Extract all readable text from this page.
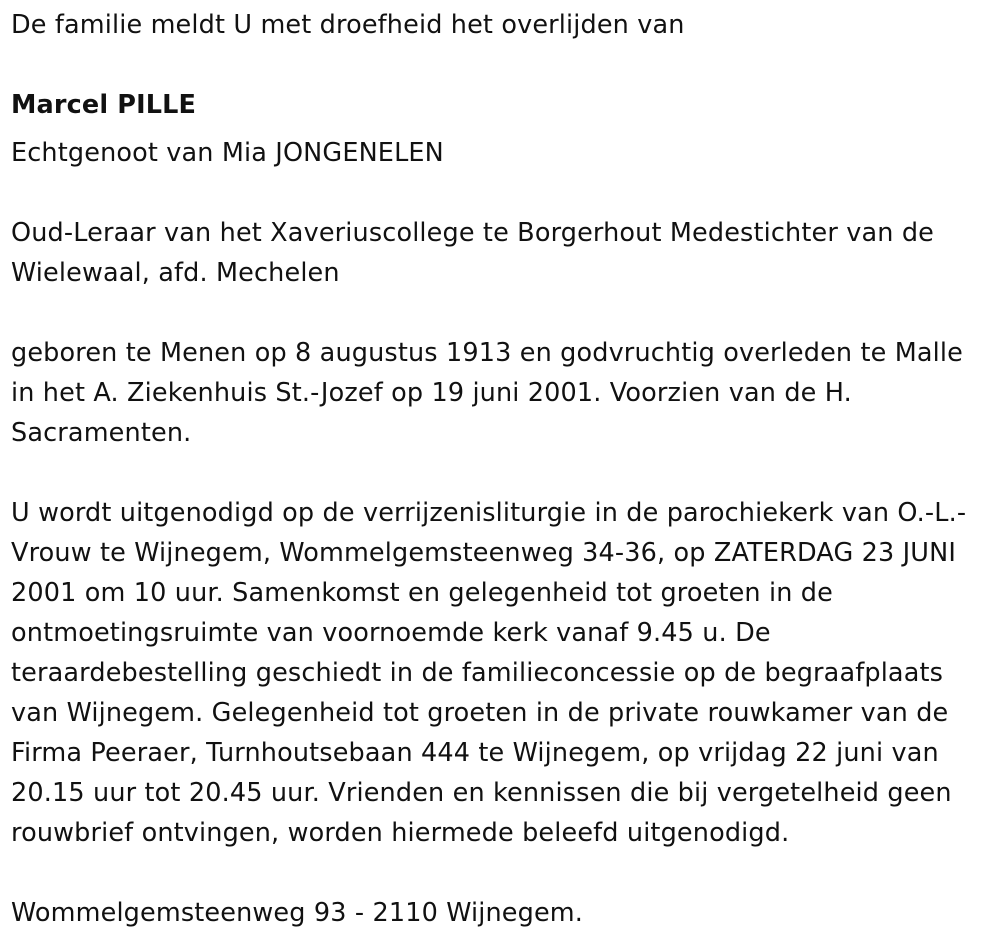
De familie meldt U met droefheid het overlijden van

Marcel PILLE

Echtgenoot van Mia JONGENELEN

Oud-Leraar van het Xaveriuscollege te Borgerhout Medestichter van de Wielewaal, afd. Mechelen

geboren te Menen op 8 augustus 1913 en godvruchtig overleden te Malle in het A. Ziekenhuis St.-Jozef op 19 juni 2001. Voorzien van de H. Sacramenten.

U wordt uitgenodigd op de verrijzenisliturgie in de parochiekerk van O.-L.-Vrouw te Wijnegem, Wommelgemsteenweg 34-36, op ZATERDAG 23 JUNI 2001 om 10 uur. Samenkomst en gelegenheid tot groeten in de ontmoetingsruimte van voornoemde kerk vanaf 9.45 u. De teraardebestelling geschiedt in de familieconcessie op de begraafplaats van Wijnegem. Gelegenheid tot groeten in de private rouwkamer van de Firma Peeraer, Turnhoutsebaan 444 te Wijnegem, op vrijdag 22 juni van 20.15 uur tot 20.45 uur. Vrienden en kennissen die bij vergetelheid geen rouwbrief ontvingen, worden hiermede beleefd uitgenodigd.

Wommelgemsteenweg 93 - 2110 Wijnegem.
